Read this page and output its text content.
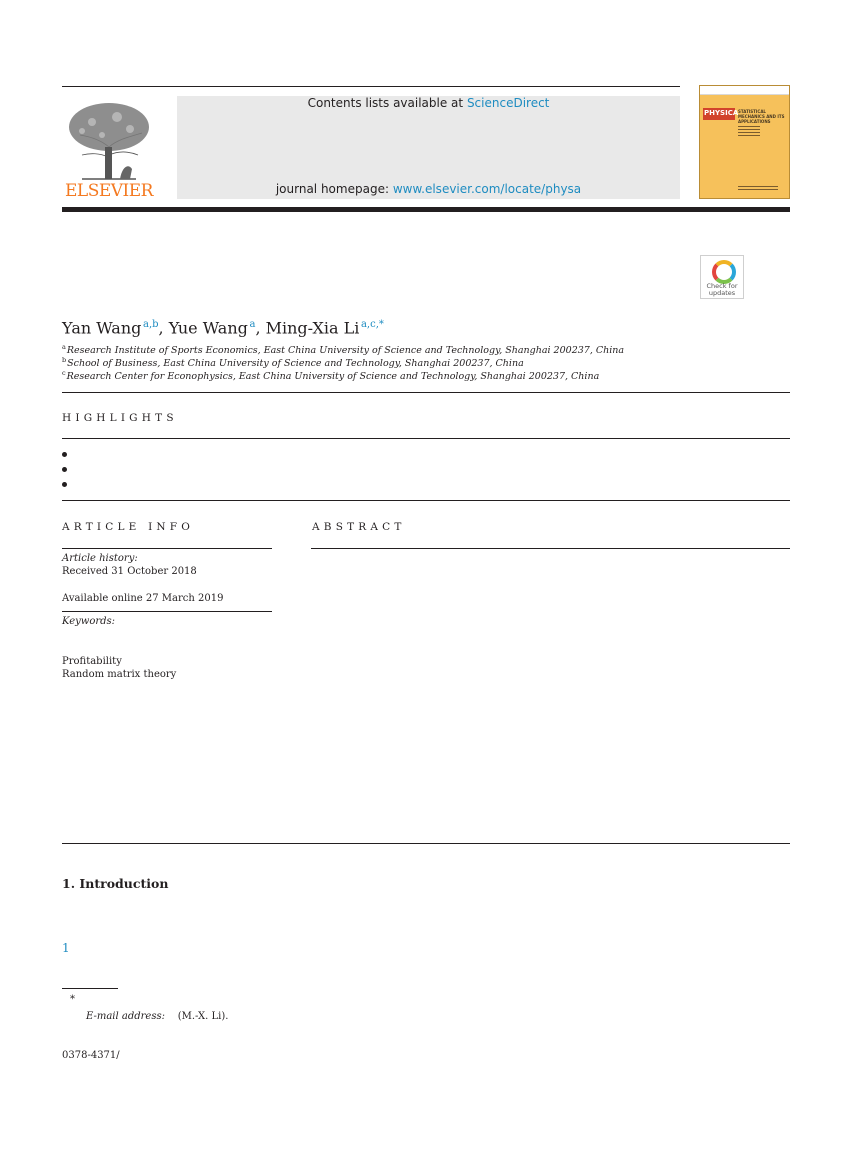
ELSEVIER
Contents lists available at ScienceDirect
journal homepage: www.elsevier.com/locate/physa
PHYSICA STATISTICAL MECHANICS AND ITS APPLICATIONS
Check for updates
Yan Wang  $^{a,b}$, Yue Wang  $^a$, Ming-Xia Li  $^{a,c,*}$
$^a$ Research Institute of Sports Economics, East China University of Science and Technology, Shanghai 200237, China
$^b$ School of Business, East China University of Science and Technology, Shanghai 200237, China
$^c$ Research Center for Econophysics, East China University of Science and Technology, Shanghai 200237, China
HIGHLIGHTS
ARTICLE INFO
Article history:
Received 31 October 2018
Available online 27 March 2019
Keywords:
Profitability
Random matrix theory
ABSTRACT
1. Introduction
1
*
E-mail address: (M.-X. Li).
0378-4371/
